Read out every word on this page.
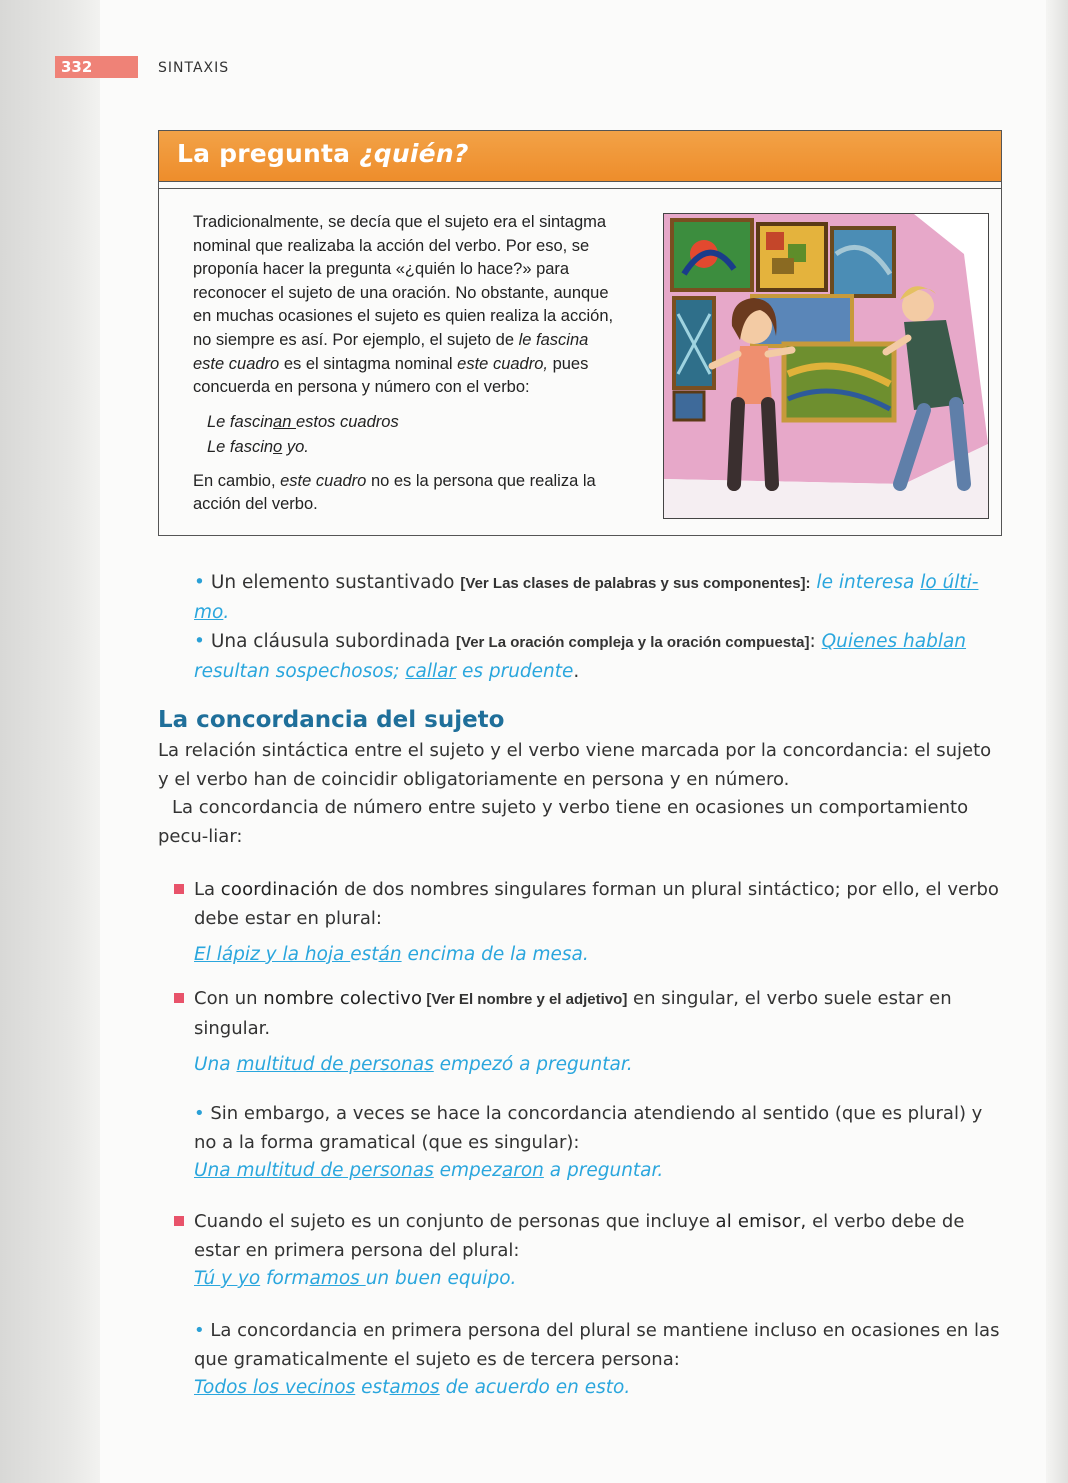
332	SINTAXIS
La pregunta ¿quién?

Tradicionalmente, se decía que el sujeto era el sintagma
nominal que realizaba la acción del verbo. Por eso, se
proponía hacer la pregunta «¿quién lo hace?» para
reconocer el sujeto de una oración. No obstante, aunque
en muchas ocasiones el sujeto es quien realiza la acción,
no siempre es así. Por ejemplo, el sujeto de le fascina
este cuadro es el sintagma nominal este cuadro, pues
concuerda en persona y número con el verbo:

Le fascinan estos cuadros
Le fascino yo.

En cambio, este cuadro no es la persona que realiza la
acción del verbo.

• Un elemento sustantivado [Ver Las clases de palabras y sus componentes]: le interesa lo últi-
mo.
• Una cláusula subordinada [Ver La oración compleja y la oración compuesta]: Quienes hablan
resultan sospechosos; callar es prudente.
La concordancia del sujeto
La relación sintáctica entre el sujeto y el verbo viene marcada por la concordancia: el sujeto y el verbo han de coincidir obligatoriamente en persona y en número.
La concordancia de número entre sujeto y verbo tiene en ocasiones un comportamiento pecu-liar:
La coordinación de dos nombres singulares forman un plural sintáctico; por ello, el verbo debe estar en plural:
El lápiz y la hoja están encima de la mesa.
Con un nombre colectivo [Ver El nombre y el adjetivo] en singular, el verbo suele estar en singular.
Una multitud de personas empezó a preguntar.
• Sin embargo, a veces se hace la concordancia atendiendo al sentido (que es plural) y no a la forma gramatical (que es singular):
Una multitud de personas empezaron a preguntar.
Cuando el sujeto es un conjunto de personas que incluye al emisor, el verbo debe de estar en primera persona del plural:
Tú y yo formamos un buen equipo.
• La concordancia en primera persona del plural se mantiene incluso en ocasiones en las que gramaticalmente el sujeto es de tercera persona:
Todos los vecinos estamos de acuerdo en esto.
